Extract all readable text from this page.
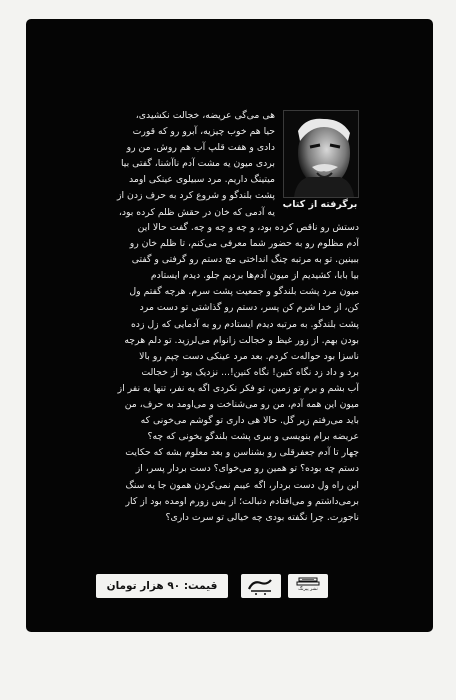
برگرفته از کتاب
هی می‌گی عریضه، خجالت نکشیدی،
حیا هم خوب چیزیه، آبرو رو که قورت
دادی و هفت قلپ آب هم روش. من رو
بردی میون یه مشت آدم ناآشنا، گفتی بیا
میتینگ داریم. مرد سبیلوی عینکی اومد
پشت بلندگو و شروع کرد به حرف زدن از
یه آدمی که خان در حقش ظلم کرده بود،
دستش رو ناقص کرده بود، و چه و چه و چه. گفت حالا این
آدم مظلوم رو به حضور شما معرفی می‌کنم، تا ظلم خان رو
ببینین. تو به مرتبه چنگ انداختی مچ دستم رو گرفتی و گفتی
بیا بابا، کشیدیم از میون آدم‌ها بردیم جلو. دیدم ایستادم
میون مرد پشت بلندگو و جمعیت پشت سرم. هرچه گفتم ول
کن، از خدا شرم کن پسر، دستم رو گذاشتی تو دست مرد
پشت بلندگو. به مرتبه دیدم ایستادم رو به آدمایی که زل زده
بودن بهم. از زور غیظ و خجالت زانوام می‌لرزید. تو دلم هرچه
ناسزا بود حواله‌ت کردم. بعد مرد عینکی دست چپم رو بالا
برد و داد زد نگاه کنین! نگاه کنین!... نزدیک بود از خجالت
آب بشم و برم تو زمین، تو فکر نکردی اگه یه نفر، تنها یه نفر از
میون این همه آدم، من رو می‌شناخت و می‌اومد به حرف، من
باید می‌رفتم زیر گل. حالا هی داری تو گوشم می‌خونی که
عریضه برام بنویسی و ببری پشت بلندگو بخونی که چه؟
چهار تا آدم جعفرقلی رو بشناسن و بعد معلوم بشه که حکایت
دستم چه بوده؟ تو همین رو می‌خوای؟ دست بردار پسر، از
این راه ول دست بردار، اگه عیبم نمی‌کردن همون جا یه سنگ
برمی‌داشتم و می‌افتادم دنبالت؛ از بس زورم اومده بود از کار
ناجورت. چرا نگفته بودی چه خیالی تو سرت داری؟
قیمت: ۹۰ هزار تومان	نشر پیرنگ
